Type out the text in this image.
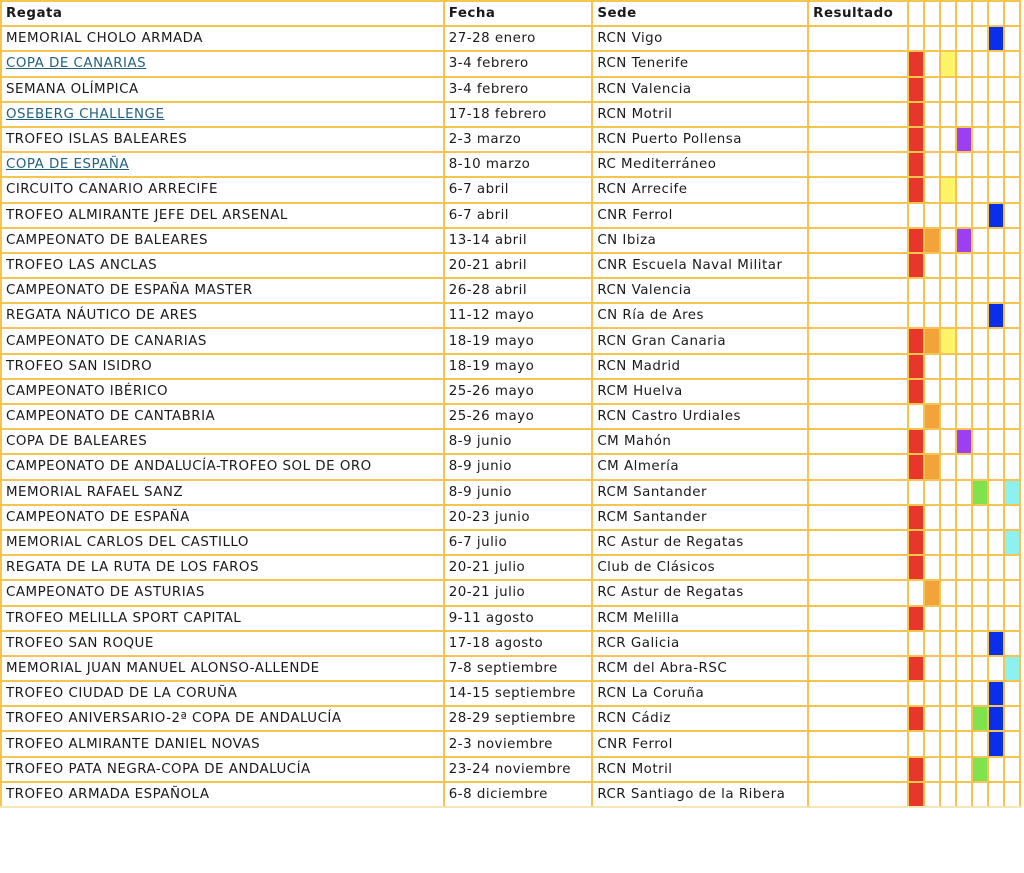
Regata	Fecha	Sede	Resultado							
MEMORIAL CHOLO ARMADA	27-28 enero	RCN Vigo							

COPA DE CANARIAS	3-4 febrero	RCN Tenerife		

SEMANA OLÍMPICA	3-4 febrero	RCN Valencia		

OSEBERG CHALLENGE	17-18 febrero	RCN Motril		

TROFEO ISLAS BALEARES	2-3 marzo	RCN Puerto Pollensa		

COPA DE ESPAÑA	8-10 marzo	RC Mediterráneo		

CIRCUITO CANARIO ARRECIFE	6-7 abril	RCN Arrecife		

TROFEO ALMIRANTE JEFE DEL ARSENAL	6-7 abril	CNR Ferrol							

CAMPEONATO DE BALEARES	13-14 abril	CN Ibiza		

TROFEO LAS ANCLAS	20-21 abril	CNR Escuela Naval Militar		

CAMPEONATO DE ESPAÑA MASTER	26-28 abril	RCN Valencia								
REGATA NÁUTICO DE ARES	11-12 mayo	CN Ría de Ares							

CAMPEONATO DE CANARIAS	18-19 mayo	RCN Gran Canaria		

TROFEO SAN ISIDRO	18-19 mayo	RCN Madrid		

CAMPEONATO IBÉRICO	25-26 mayo	RCM Huelva		

CAMPEONATO DE CANTABRIA	25-26 mayo	RCN Castro Urdiales			

COPA DE BALEARES	8-9 junio	CM Mahón		

CAMPEONATO DE ANDALUCÍA-TROFEO SOL DE ORO	8-9 junio	CM Almería		

MEMORIAL RAFAEL SANZ	8-9 junio	RCM Santander						

CAMPEONATO DE ESPAÑA	20-23 junio	RCM Santander		

MEMORIAL CARLOS DEL CASTILLO	6-7 julio	RC Astur de Regatas		

REGATA DE LA RUTA DE LOS FAROS	20-21 julio	Club de Clásicos		

CAMPEONATO DE ASTURIAS	20-21 julio	RC Astur de Regatas			

TROFEO MELILLA SPORT CAPITAL	9-11 agosto	RCM Melilla		

TROFEO SAN ROQUE	17-18 agosto	RCR Galicia							

MEMORIAL JUAN MANUEL ALONSO-ALLENDE	7-8 septiembre	RCM del Abra-RSC		

TROFEO CIUDAD DE LA CORUÑA	14-15 septiembre	RCN La Coruña							

TROFEO ANIVERSARIO-2ª COPA DE ANDALUCÍA	28-29 septiembre	RCN Cádiz		

TROFEO ALMIRANTE DANIEL NOVAS	2-3 noviembre	CNR Ferrol							

TROFEO PATA NEGRA-COPA DE ANDALUCÍA	23-24 noviembre	RCN Motril		

TROFEO ARMADA ESPAÑOLA	6-8 diciembre	RCR Santiago de la Ribera		
